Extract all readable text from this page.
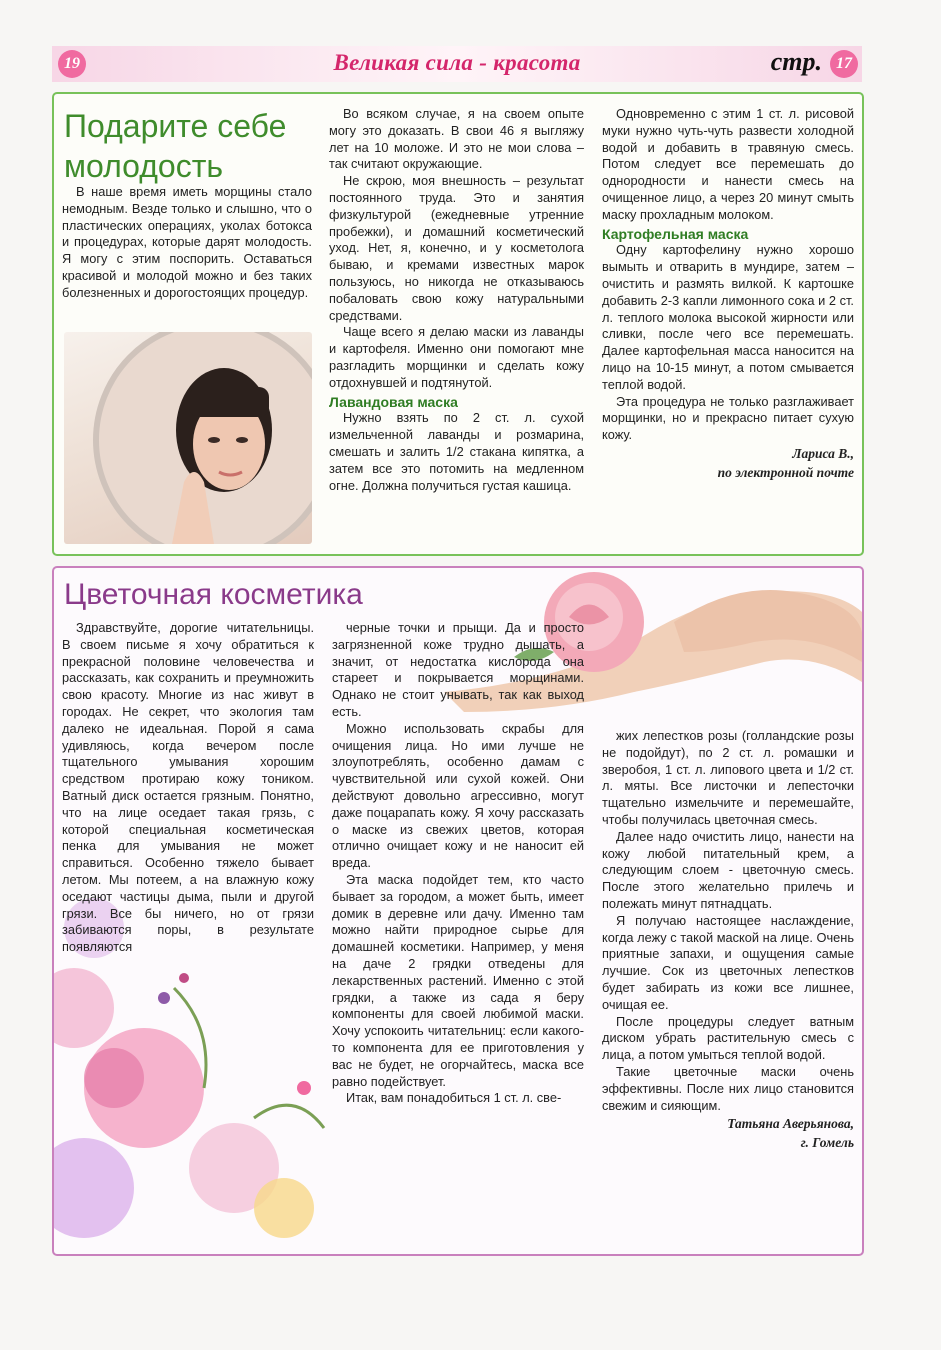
19	Великая сила - красота	стр. 17
Подарите себе молодость

В наше время иметь морщины стало немодным. Везде только и слышно, что о пластических операциях, уколах ботокса и процедурах, которые дарят молодость. Я могу с этим поспорить. Оставаться красивой и молодой можно и без таких болезненных и дорогостоящих процедур.

Во всяком случае, я на своем опыте могу это доказать. В свои 46 я выгляжу лет на 10 моложе. И это не мои слова – так считают окружающие.

Не скрою, моя внешность – результат постоянного труда. Это и занятия физкультурой (ежедневные утренние пробежки), и домашний косметический уход. Нет, я, конечно, и у косметолога бываю, и кремами известных марок пользуюсь, но никогда не отказываюсь побаловать свою кожу натуральными средствами.

Чаще всего я делаю маски из лаванды и картофеля. Именно они помогают мне разгладить морщинки и сделать кожу отдохнувшей и подтянутой.

Лавандовая маска

Нужно взять по 2 ст. л. сухой измельченной лаванды и розмарина, смешать и залить 1/2 стакана кипятка, а затем все это потомить на медленном огне. Должна получиться густая кашица.

Одновременно с этим 1 ст. л. рисовой муки нужно чуть-чуть развести холодной водой и добавить в травяную смесь. Потом следует все перемешать до однородности и нанести смесь на очищенное лицо, а через 20 минут смыть маску прохладным молоком.

Картофельная маска

Одну картофелину нужно хорошо вымыть и отварить в мундире, затем – очистить и размять вилкой. К картошке добавить 2-3 капли лимонного сока и 2 ст. л. теплого молока высокой жирности или сливки, после чего все перемешать. Далее картофельная масса наносится на лицо на 10-15 минут, а потом смывается теплой водой.

Эта процедура не только разглаживает морщинки, но и прекрасно питает сухую кожу.

Лариса В.,

по электронной почте

Цветочная косметика

Здравствуйте, дорогие читательницы. В своем письме я хочу обратиться к прекрасной половине человечества и рассказать, как сохранить и преумножить свою красоту. Многие из нас живут в городах. Не секрет, что экология там далеко не идеальная. Порой я сама удивляюсь, когда вечером после тщательного умывания хорошим средством протираю кожу тоником. Ватный диск остается грязным. Понятно, что на лице оседает такая грязь, с которой специальная косметическая пенка для умывания не может справиться. Особенно тяжело бывает летом. Мы потеем, а на влажную кожу оседают частицы дыма, пыли и другой грязи. Все бы ничего, но от грязи забиваются поры, в результате появляются

черные точки и прыщи. Да и просто загрязненной коже трудно дышать, а значит, от недостатка кислорода она стареет и покрывается морщинами. Однако не стоит унывать, так как выход есть.

Можно использовать скрабы для очищения лица. Но ими лучше не злоупотреблять, особенно дамам с чувствительной или сухой кожей. Они действуют довольно агрессивно, могут даже поцарапать кожу. Я хочу рассказать о маске из свежих цветов, которая отлично очищает кожу и не наносит ей вреда.

Эта маска подойдет тем, кто часто бывает за городом, а может быть, имеет домик в деревне или дачу. Именно там можно найти природное сырье для домашней косметики. Например, у меня на даче 2 грядки отведены для лекарственных растений. Именно с этой грядки, а также из сада я беру компоненты для своей любимой маски. Хочу успокоить читательниц: если какого-то компонента для ее приготовления у вас не будет, не огорчайтесь, маска все равно подействует.

Итак, вам понадобиться 1 ст. л. све-

жих лепестков розы (голландские розы не подойдут), по 2 ст. л. ромашки и зверобоя, 1 ст. л. липового цвета и 1/2 ст. л. мяты. Все листочки и лепесточки тщательно измельчите и перемешайте, чтобы получилась цветочная смесь.

Далее надо очистить лицо, нанести на кожу любой питательный крем, а следующим слоем - цветочную смесь. После этого желательно прилечь и полежать минут пятнадцать.

Я получаю настоящее наслаждение, когда лежу с такой маской на лице. Очень приятные запахи, и ощущения самые лучшие. Сок из цветочных лепестков будет забирать из кожи все лишнее, очищая ее.

После процедуры следует ватным диском убрать растительную смесь с лица, а потом умыться теплой водой.

Такие цветочные маски очень эффективны. После них лицо становится свежим и сияющим.

Татьяна Аверьянова,

г. Гомель
